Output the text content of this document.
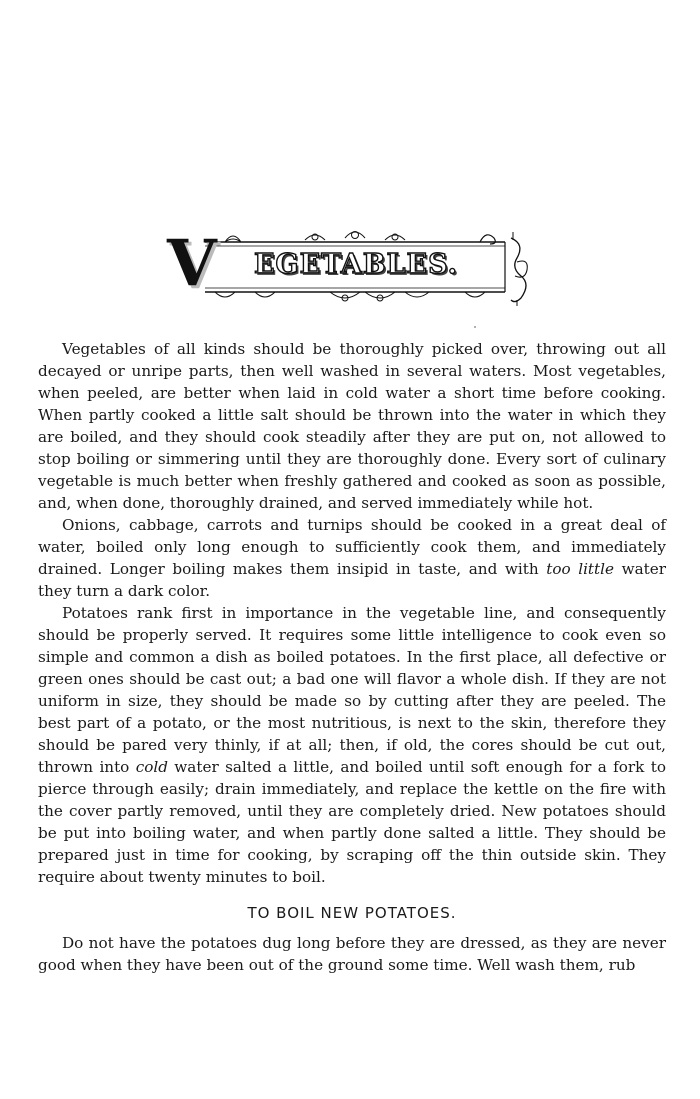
V EGETABLES.

Vegetables of all kinds should be thoroughly picked over, throwing out all decayed or unripe parts, then well washed in several waters. Most vegetables, when peeled, are better when laid in cold water a short time before cooking. When partly cooked a little salt should be thrown into the water in which they are boiled, and they should cook steadily after they are put on, not allowed to stop boiling or simmering until they are thoroughly done. Every sort of culinary vegetable is much better when freshly gathered and cooked as soon as possible, and, when done, thoroughly drained, and served immediately while hot.

Onions, cabbage, carrots and turnips should be cooked in a great deal of water, boiled only long enough to sufficiently cook them, and immediately drained. Longer boiling makes them insipid in taste, and with too little water they turn a dark color.

Potatoes rank first in importance in the vegetable line, and consequently should be properly served. It requires some little intelligence to cook even so simple and common a dish as boiled potatoes. In the first place, all defective or green ones should be cast out; a bad one will flavor a whole dish. If they are not uniform in size, they should be made so by cutting after they are peeled. The best part of a potato, or the most nutritious, is next to the skin, therefore they should be pared very thinly, if at all; then, if old, the cores should be cut out, thrown into cold water salted a little, and boiled until soft enough for a fork to pierce through easily; drain immediately, and replace the kettle on the fire with the cover partly removed, until they are completely dried. New potatoes should be put into boiling water, and when partly done salted a little. They should be prepared just in time for cooking, by scraping off the thin outside skin. They require about twenty minutes to boil.

TO BOIL NEW POTATOES.

Do not have the potatoes dug long before they are dressed, as they are never good when they have been out of the ground some time. Well wash them, rub
